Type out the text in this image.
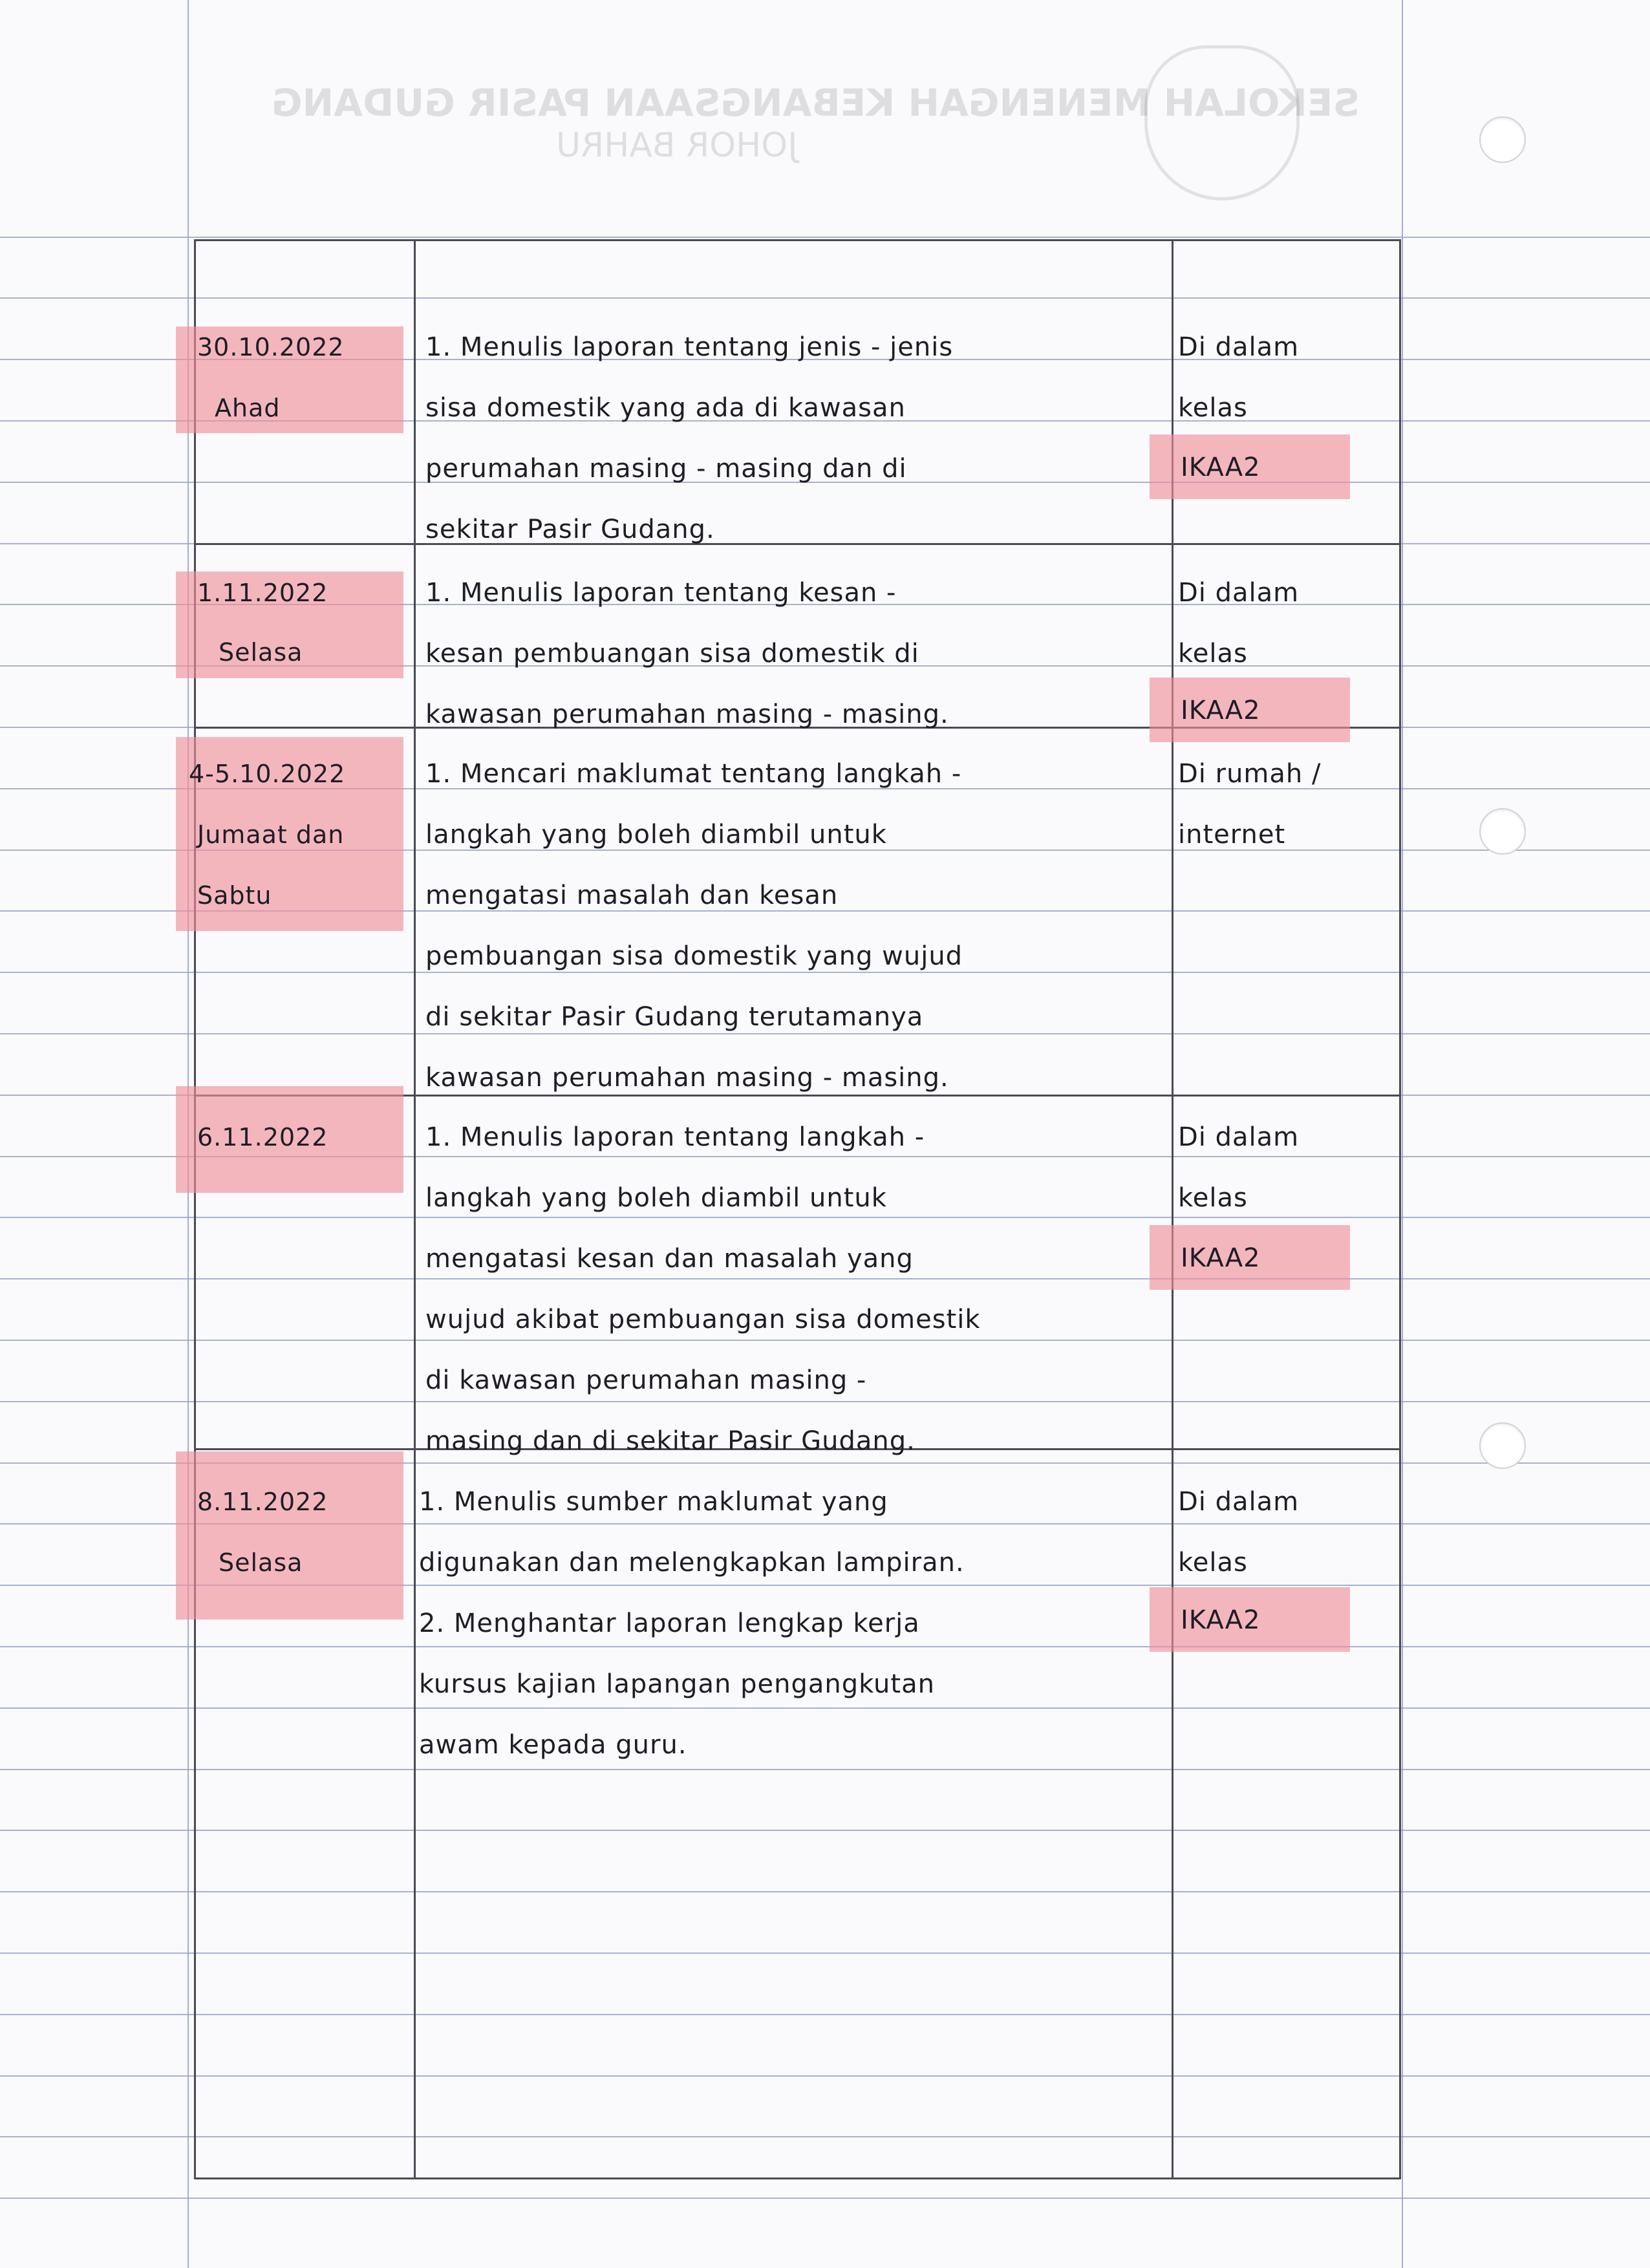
SEKOLAH MENENGAH KEBANGSAAN PASIR GUDANG
JOHOR BAHRU
30.10.2022
Ahad
1. Menulis laporan tentang jenis - jenis
sisa domestik yang ada di kawasan
perumahan masing - masing dan di
sekitar Pasir Gudang.
Di dalam
kelas
IKAA2
1.11.2022
Selasa
1. Menulis laporan tentang kesan -
kesan pembuangan sisa domestik di
kawasan perumahan masing - masing.
Di dalam
kelas
IKAA2
4-5.10.2022
Jumaat dan
Sabtu
1. Mencari maklumat tentang langkah -
langkah yang boleh diambil untuk
mengatasi masalah dan kesan
pembuangan sisa domestik yang wujud
di sekitar Pasir Gudang terutamanya
kawasan perumahan masing - masing.
Di rumah /
internet
6.11.2022	1. Menulis laporan tentang langkah -
langkah yang boleh diambil untuk
mengatasi kesan dan masalah yang
wujud akibat pembuangan sisa domestik
di kawasan perumahan masing -
masing dan di sekitar Pasir Gudang.
Di dalam
kelas
IKAA2
8.11.2022
Selasa
1. Menulis sumber maklumat yang
digunakan dan melengkapkan lampiran.
2. Menghantar laporan lengkap kerja
kursus kajian lapangan pengangkutan
awam kepada guru.
Di dalam
kelas
IKAA2
